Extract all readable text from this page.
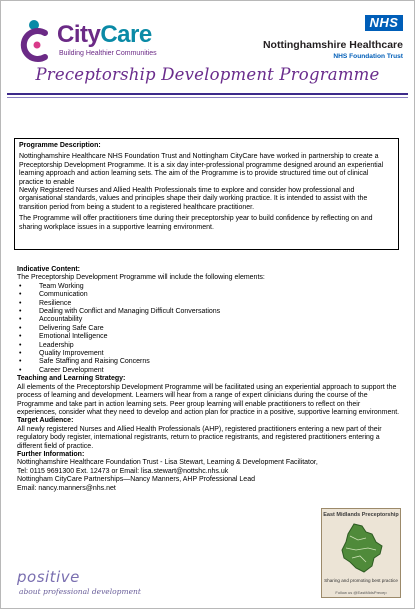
CityCare
Building Healthier Communities
NHS
Nottinghamshire Healthcare
NHS Foundation Trust
Preceptorship Development Programme

Programme Description:

Nottinghamshire Healthcare NHS Foundation Trust and Nottingham CityCare have worked in partnership to create a Preceptorship Development Programme. It is a six day inter-professional programme designed around an experiential learning approach and action learning sets. The aim of the Programme is to provide structured time out of clinical practice to enable

Newly Registered Nurses and Allied Health Professionals time to explore and consider how professional and organisational standards, values and principles shape their daily working practice. It is intended to assist with the transition period from being a student to a registered healthcare practitioner.

The Programme will offer practitioners time during their preceptorship year to build confidence by reflecting on and sharing workplace issues in a supportive learning environment.

Indicative Content:

The Preceptorship Development Programme will include the following elements:

• Team Working
• Communication
• Resilience
• Dealing with Conflict and Managing Difficult Conversations
• Accountability
• Delivering Safe Care
• Emotional Intelligence
• Leadership
• Quality Improvement
• Safe Staffing and Raising Concerns
• Career Development

Teaching and Learning Strategy:

All elements of the Preceptorship Development Programme will be facilitated using an experiential approach to support the process of learning and development. Learners will hear from a range of expert clinicians during the course of the Programme and take part in action learning sets. Peer group learning will enable practitioners to reflect on their experiences, consider what they need to develop and action plan for practice in a positive, supportive learning environment.

Target Audience:

All newly registered Nurses and Allied Health Professionals (AHP), registered practitioners entering a new part of their regulatory body register, international registrants, return to practice registrants, and registered practitioners entering a different field of practice.

Further Information:

Nottinghamshire Healthcare Foundation Trust - Lisa Stewart, Learning & Development Facilitator,

Tel: 0115 9691300 Ext. 12473 or Email: lisa.stewart@nottshc.nhs.uk

Nottingham CityCare Partnerships—Nancy Manners, AHP Professional Lead

Email: nancy.manners@nhs.net

positive
about professional development
East Midlands Preceptorship
Sharing and promoting best practice
Follow us @EastMidsPrecep
